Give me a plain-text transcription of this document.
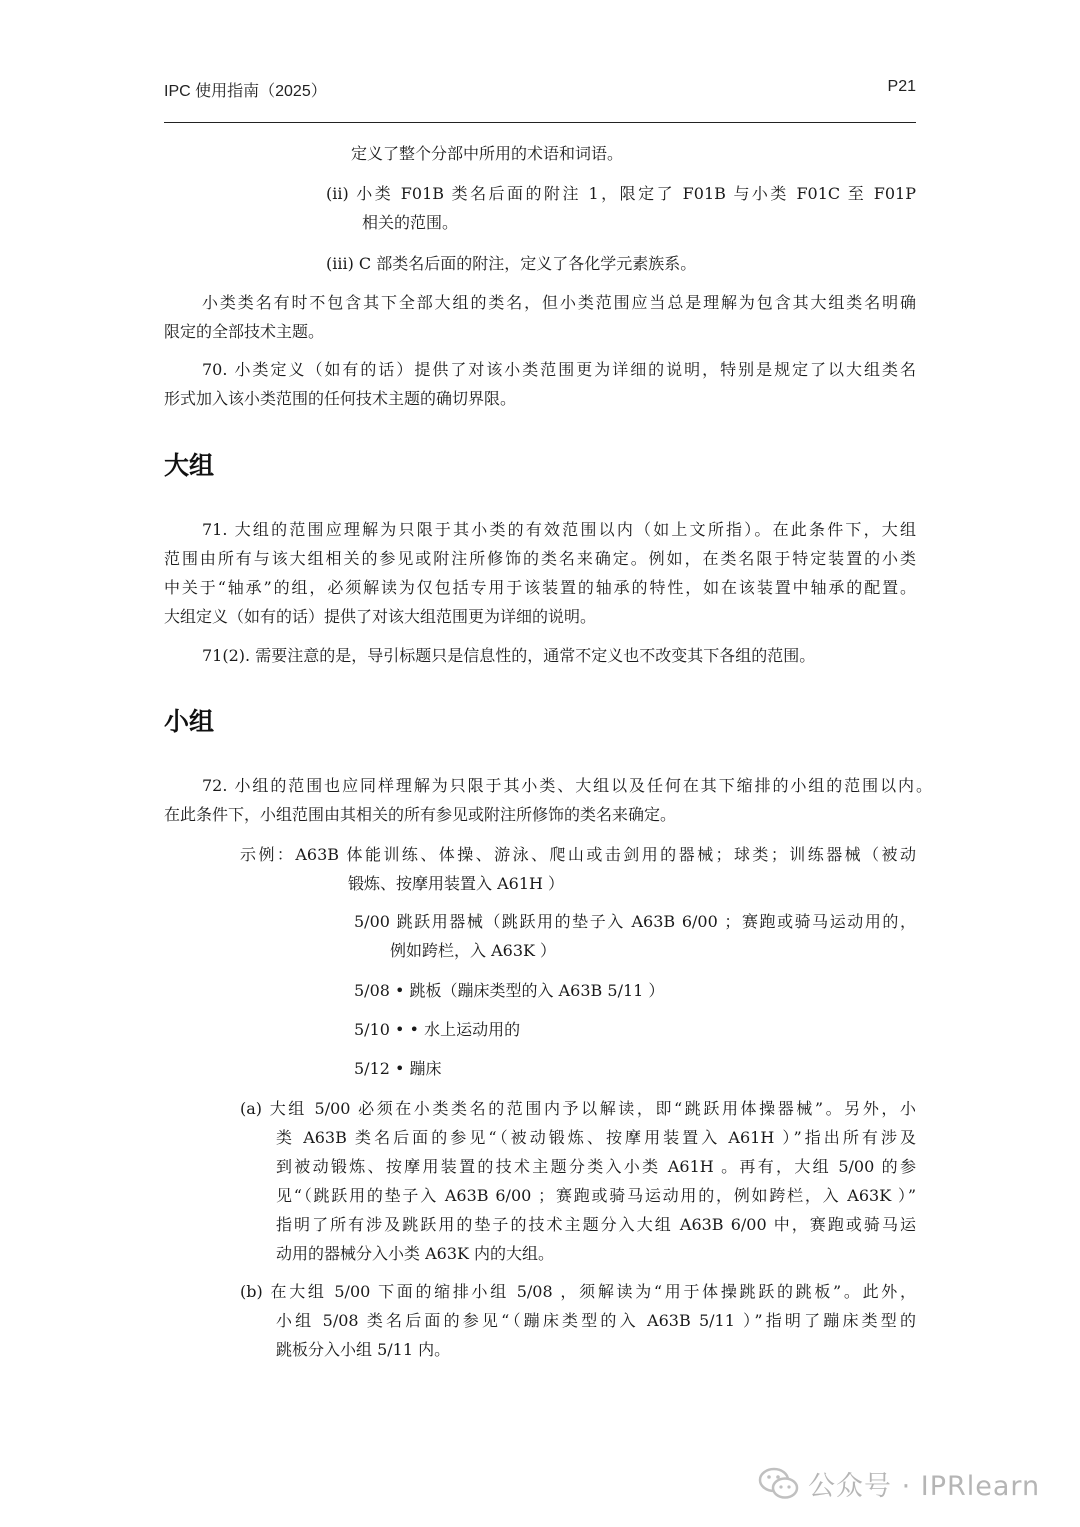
IPC 使用指南（2025）	P21
定义了整个分部中所用的术语和词语。
(ii) 小类 F01B 类名后面的附注 1，限定了 F01B 与小类 F01C 至 F01P
相关的范围。
(iii) C 部类名后面的附注，定义了各化学元素族系。
小类类名有时不包含其下全部大组的类名，但小类范围应当总是理解为包含其大组类名明确
限定的全部技术主题。
70. 小类定义（如有的话）提供了对该小类范围更为详细的说明，特别是规定了以大组类名
形式加入该小类范围的任何技术主题的确切界限。
大组
71. 大组的范围应理解为只限于其小类的有效范围以内（如上文所指）。在此条件下，大组
范围由所有与该大组相关的参见或附注所修饰的类名来确定。例如，在类名限于特定装置的小类
中关于“轴承”的组，必须解读为仅包括专用于该装置的轴承的特性，如在该装置中轴承的配置。
大组定义（如有的话）提供了对该大组范围更为详细的说明。
71(2). 需要注意的是，导引标题只是信息性的，通常不定义也不改变其下各组的范围。
小组
72. 小组的范围也应同样理解为只限于其小类、大组以及任何在其下缩排的小组的范围以内。
在此条件下，小组范围由其相关的所有参见或附注所修饰的类名来确定。
示例：A63B 体能训练、体操、游泳、爬山或击剑用的器械；球类；训练器械（被动
锻炼、按摩用装置入 A61H ）
5/00 跳跃用器械（跳跃用的垫子入 A63B 6/00 ；赛跑或骑马运动用的，
例如跨栏，入 A63K ）
5/08 • 跳板（蹦床类型的入 A63B 5/11 ）
5/10 • • 水上运动用的
5/12 • 蹦床
(a) 大组 5/00 必须在小类类名的范围内予以解读，即“跳跃用体操器械”。另外，小
类 A63B 类名后面的参见“（被动锻炼、按摩用装置入 A61H ）”指出所有涉及
到被动锻炼、按摩用装置的技术主题分类入小类 A61H 。再有，大组 5/00 的参
见“（跳跃用的垫子入 A63B 6/00 ；赛跑或骑马运动用的，例如跨栏，入 A63K ）”
指明了所有涉及跳跃用的垫子的技术主题分入大组 A63B 6/00 中，赛跑或骑马运
动用的器械分入小类 A63K 内的大组。
(b) 在大组 5/00 下面的缩排小组 5/08 ，须解读为“用于体操跳跃的跳板”。此外，
小组 5/08 类名后面的参见“（蹦床类型的入 A63B 5/11 ）”指明了蹦床类型的
跳板分入小组 5/11 内。
公众号 · IPRlearn
